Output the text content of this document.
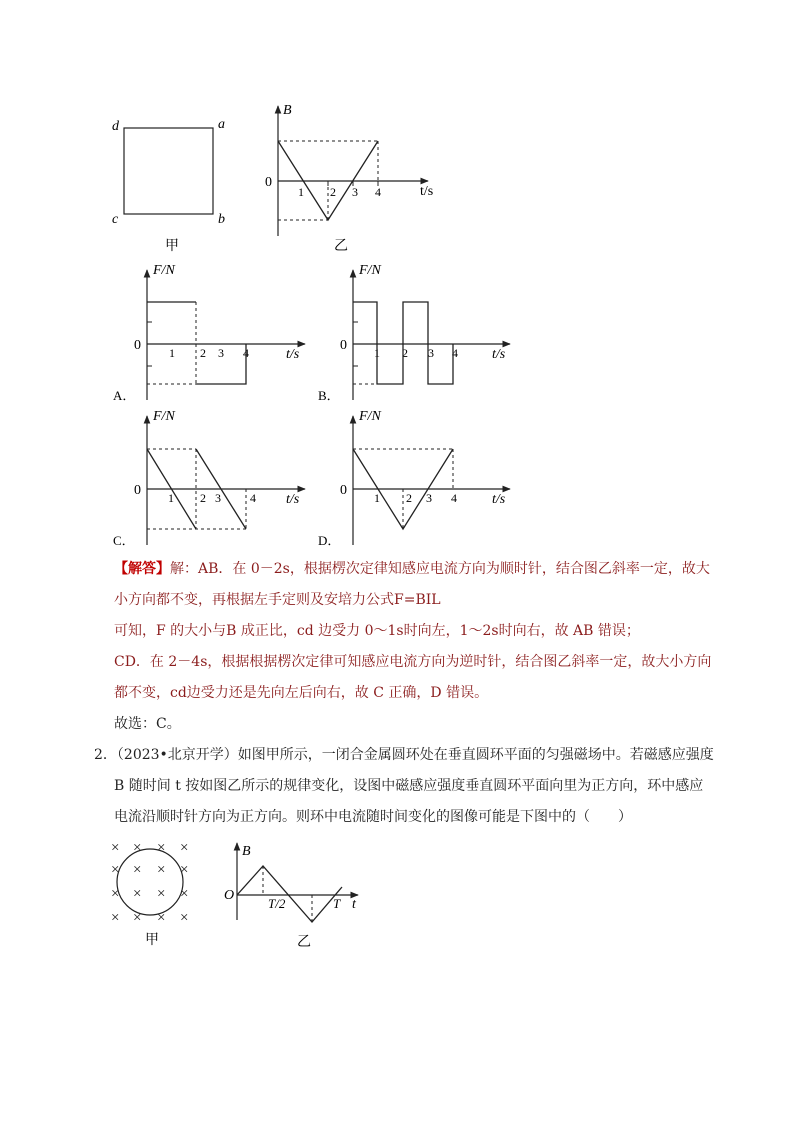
d	a
c	b
甲
B
t/s
0
1 2 3 4
乙
F/N
t/s
0 1 2 3 4
A．
F/N
t/s
0 1 2 3 4
B．
F/N
t/s
0 1 2 3 4
C．
F/N
t/s
0 1 2 3 4
D．
× × × ×
× × × ×
× × × ×
× × × ×
甲
B
O
T/2	T t
乙
【解答】解：AB．在 0－2s，根据楞次定律知感应电流方向为顺时针，结合图乙斜率一定，故大
小方向都不变，再根据左手定则及安培力公式F=BIL
可知，F 的大小与B 成正比，cd 边受力 0～1s时向左，1～2s时向右，故 AB 错误；
CD．在 2－4s，根据根据楞次定律可知感应电流方向为逆时针，结合图乙斜率一定，故大小方向
都不变，cd边受力还是先向左后向右，故 C 正确，D 错误。
故选：C。
2．（2023•北京开学）如图甲所示，一闭合金属圆环处在垂直圆环平面的匀强磁场中。若磁感应强度
B 随时间 t 按如图乙所示的规律变化，设图中磁感应强度垂直圆环平面向里为正方向，环中感应
电流沿顺时针方向为正方向。则环中电流随时间变化的图像可能是下图中的（　　）
